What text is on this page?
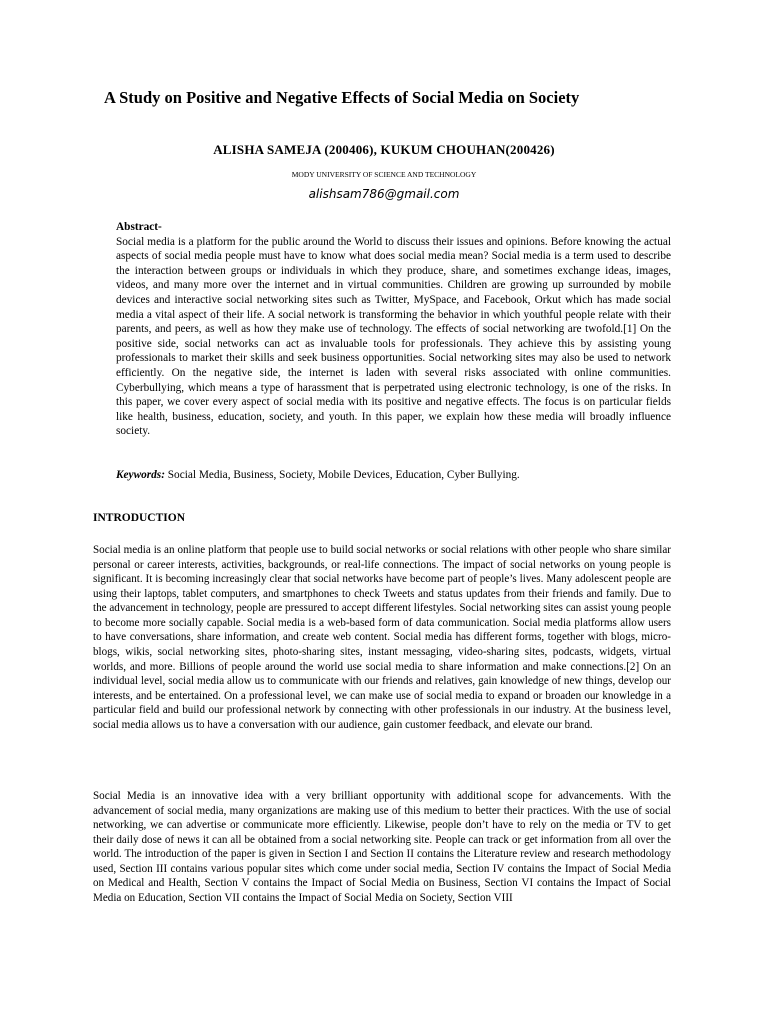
A Study on Positive and Negative Effects of Social Media on Society
ALISHA SAMEJA (200406), KUKUM CHOUHAN(200426)
MODY UNIVERSITY OF SCIENCE AND TECHNOLOGY
alishsam786@gmail.com

Abstract-

Social media is a platform for the public around the World to discuss their issues and opinions. Before knowing the actual aspects of social media people must have to know what does social media mean? Social media is a term used to describe the interaction between groups or individuals in which they produce, share, and sometimes exchange ideas, images, videos, and many more over the internet and in virtual communities. Children are growing up surrounded by mobile devices and interactive social networking sites such as Twitter, MySpace, and Facebook, Orkut which has made social media a vital aspect of their life. A social network is transforming the behavior in which youthful people relate with their parents, and peers, as well as how they make use of technology. The effects of social networking are twofold.[1] On the positive side, social networks can act as invaluable tools for professionals. They achieve this by assisting young professionals to market their skills and seek business opportunities. Social networking sites may also be used to network efficiently. On the negative side, the internet is laden with several risks associated with online communities. Cyberbullying, which means a type of harassment that is perpetrated using electronic technology, is one of the risks. In this paper, we cover every aspect of social media with its positive and negative effects. The focus is on particular fields like health, business, education, society, and youth. In this paper, we explain how these media will broadly influence society.

Keywords: Social Media, Business, Society, Mobile Devices, Education, Cyber Bullying.
INTRODUCTION

Social media is an online platform that people use to build social networks or social relations with other people who share similar personal or career interests, activities, backgrounds, or real-life connections. The impact of social networks on young people is significant. It is becoming increasingly clear that social networks have become part of people’s lives. Many adolescent people are using their laptops, tablet computers, and smartphones to check Tweets and status updates from their friends and family. Due to the advancement in technology, people are pressured to accept different lifestyles. Social networking sites can assist young people to become more socially capable. Social media is a web-based form of data communication. Social media platforms allow users to have conversations, share information, and create web content. Social media has different forms, together with blogs, micro-blogs, wikis, social networking sites, photo-sharing sites, instant messaging, video-sharing sites, podcasts, widgets, virtual worlds, and more. Billions of people around the world use social media to share information and make connections.[2] On an individual level, social media allow us to communicate with our friends and relatives, gain knowledge of new things, develop our interests, and be entertained. On a professional level, we can make use of social media to expand or broaden our knowledge in a particular field and build our professional network by connecting with other professionals in our industry. At the business level, social media allows us to have a conversation with our audience, gain customer feedback, and elevate our brand.

Social Media is an innovative idea with a very brilliant opportunity with additional scope for advancements. With the advancement of social media, many organizations are making use of this medium to better their practices. With the use of social networking, we can advertise or communicate more efficiently. Likewise, people don’t have to rely on the media or TV to get their daily dose of news it can all be obtained from a social networking site. People can track or get information from all over the world. The introduction of the paper is given in Section I and Section II contains the Literature review and research methodology used, Section III contains various popular sites which come under social media, Section IV contains the Impact of Social Media on Medical and Health, Section V contains the Impact of Social Media on Business, Section VI contains the Impact of Social Media on Education, Section VII contains the Impact of Social Media on Society, Section VIII
